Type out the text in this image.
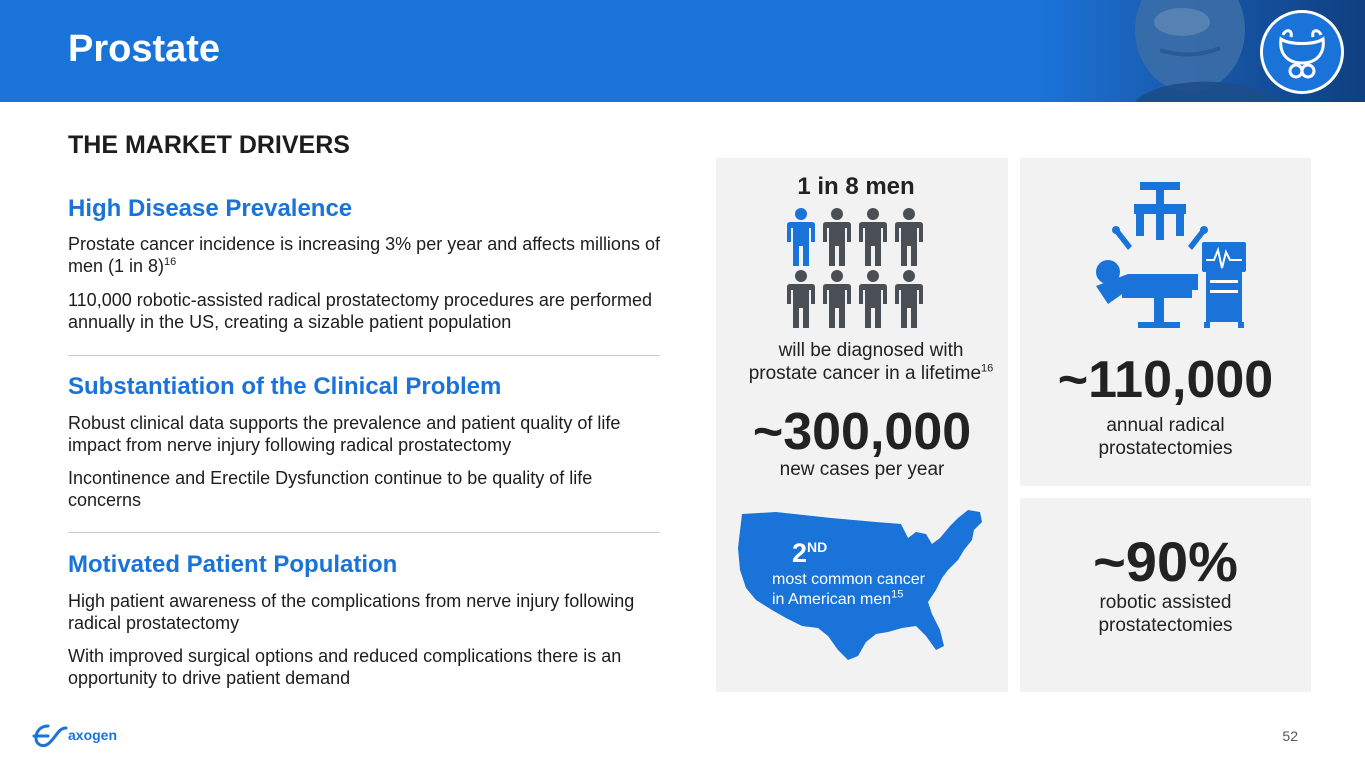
Prostate
THE MARKET DRIVERS
High Disease Prevalence
Prostate cancer incidence is increasing 3% per year and affects millions of men (1 in 8)$^{16}$
110,000 robotic-assisted radical prostatectomy procedures are performed annually in the US, creating a sizable patient population
Substantiation of the Clinical Problem
Robust clinical data supports the prevalence and patient quality of life impact from nerve injury following radical prostatectomy
Incontinence and Erectile Dysfunction continue to be quality of life concerns
Motivated Patient Population
High patient awareness of the complications from nerve injury following radical prostatectomy
With improved surgical options and reduced complications there is an opportunity to drive patient demand
1 in 8 men
will be diagnosed with
prostate cancer in a lifetime$^{16}$
~300,000
new cases per year
2ND
most common cancer
in American men$^{15}$
~110,000
annual radical
prostatectomies
~90%
robotic assisted
prostatectomies
axogen	52
